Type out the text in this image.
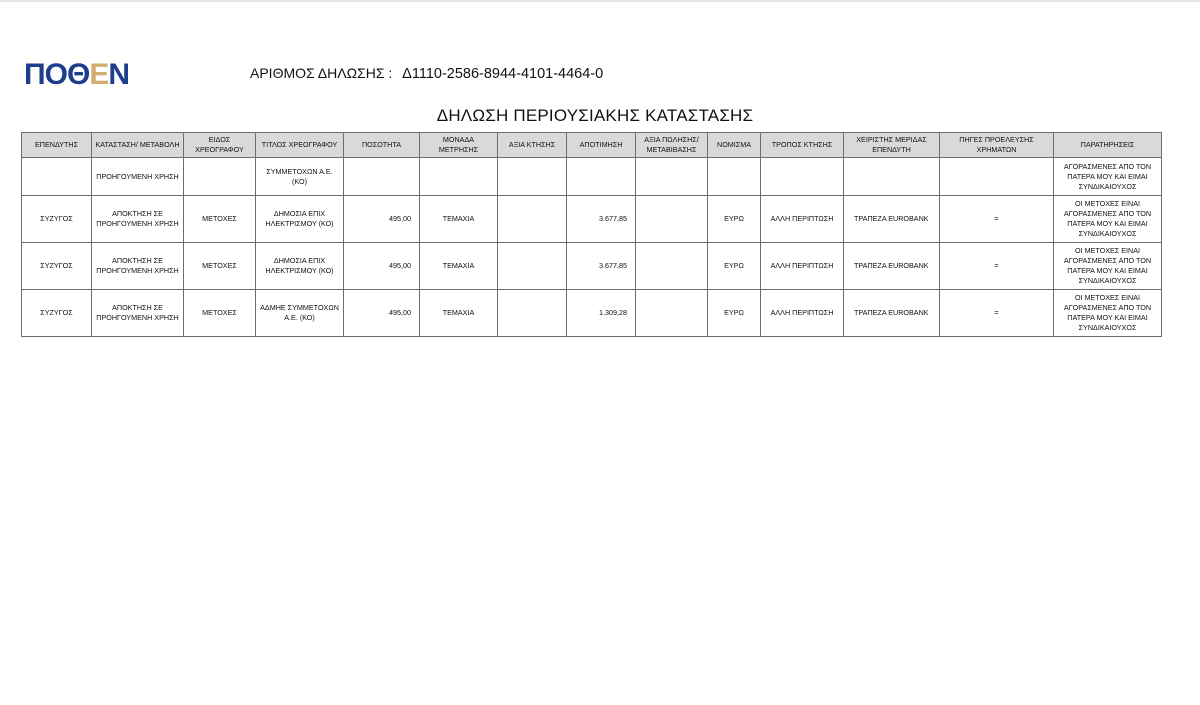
ΠΟΘΕΝ	ΑΡΙΘΜΟΣ ΔΗΛΩΣΗΣ : Δ1110-2586-8944-4101-4464-0
ΔΗΛΩΣΗ ΠΕΡΙΟΥΣΙΑΚΗΣ ΚΑΤΑΣΤΑΣΗΣ
ΕΠΕΝΔΥΤΗΣ	ΚΑΤΑΣΤΑΣΗ/ ΜΕΤΑΒΟΛΗ	ΕΙΔΟΣ ΧΡΕΟΓΡΑΦΟΥ	ΤΙΤΛΟΣ ΧΡΕΟΓΡΑΦΟΥ	ΠΟΣΟΤΗΤΑ	ΜΟΝΑΔΑ ΜΕΤΡΗΣΗΣ	ΑΞΙΑ ΚΤΗΣΗΣ	ΑΠΟΤΙΜΗΣΗ	ΑΞΙΑ ΠΩΛΗΣΗΣ/ ΜΕΤΑΒΙΒΑΣΗΣ	ΝΟΜΙΣΜΑ	ΤΡΟΠΟΣ ΚΤΗΣΗΣ	ΧΕΙΡΙΣΤΗΣ ΜΕΡΙΔΑΣ ΕΠΕΝΔΥΤΗ	ΠΗΓΕΣ ΠΡΟΕΛΕΥΣΗΣ ΧΡΗΜΑΤΩΝ	ΠΑΡΑΤΗΡΗΣΕΙΣ
	ΠΡΟΗΓΟΥΜΕΝΗ ΧΡΗΣΗ		ΣΥΜΜΕΤΟΧΩΝ Α.Ε. (ΚΟ)										ΑΓΟΡΑΣΜΕΝΕΣ ΑΠΟ ΤΟΝ ΠΑΤΕΡΑ ΜΟΥ ΚΑΙ ΕΙΜΑΙ ΣΥΝΔΙΚΑΙΟΥΧΟΣ
ΣΥΖΥΓΟΣ	ΑΠΟΚΤΗΣΗ ΣΕ ΠΡΟΗΓΟΥΜΕΝΗ ΧΡΗΣΗ	ΜΕΤΟΧΕΣ	ΔΗΜΟΣΙΑ ΕΠΙΧ ΗΛΕΚΤΡΙΣΜΟΥ (ΚΟ)	495,00	ΤΕΜΑΧΙΑ		3.677,85		ΕΥΡΩ	ΑΛΛΗ ΠΕΡΙΠΤΩΣΗ	ΤΡΑΠΕΖΑ EUROBANK	=	ΟΙ ΜΕΤΟΧΕΣ ΕΙΝΑΙ ΑΓΟΡΑΣΜΕΝΕΣ ΑΠΟ ΤΟΝ ΠΑΤΕΡΑ ΜΟΥ ΚΑΙ ΕΙΜΑΙ ΣΥΝΔΙΚΑΙΟΥΧΟΣ
ΣΥΖΥΓΟΣ	ΑΠΟΚΤΗΣΗ ΣΕ ΠΡΟΗΓΟΥΜΕΝΗ ΧΡΗΣΗ	ΜΕΤΟΧΕΣ	ΔΗΜΟΣΙΑ ΕΠΙΧ ΗΛΕΚΤΡΙΣΜΟΥ (ΚΟ)	495,00	ΤΕΜΑΧΙΑ		3.677,85		ΕΥΡΩ	ΑΛΛΗ ΠΕΡΙΠΤΩΣΗ	ΤΡΑΠΕΖΑ EUROBANK	=	ΟΙ ΜΕΤΟΧΕΣ ΕΙΝΑΙ ΑΓΟΡΑΣΜΕΝΕΣ ΑΠΟ ΤΟΝ ΠΑΤΕΡΑ ΜΟΥ ΚΑΙ ΕΙΜΑΙ ΣΥΝΔΙΚΑΙΟΥΧΟΣ
ΣΥΖΥΓΟΣ	ΑΠΟΚΤΗΣΗ ΣΕ ΠΡΟΗΓΟΥΜΕΝΗ ΧΡΗΣΗ	ΜΕΤΟΧΕΣ	ΑΔΜΗΕ ΣΥΜΜΕΤΟΧΩΝ Α.Ε. (ΚΟ)	495,00	ΤΕΜΑΧΙΑ		1.309,28		ΕΥΡΩ	ΑΛΛΗ ΠΕΡΙΠΤΩΣΗ	ΤΡΑΠΕΖΑ EUROBANK	=	ΟΙ ΜΕΤΟΧΕΣ ΕΙΝΑΙ ΑΓΟΡΑΣΜΕΝΕΣ ΑΠΟ ΤΟΝ ΠΑΤΕΡΑ ΜΟΥ ΚΑΙ ΕΙΜΑΙ ΣΥΝΔΙΚΑΙΟΥΧΟΣ
